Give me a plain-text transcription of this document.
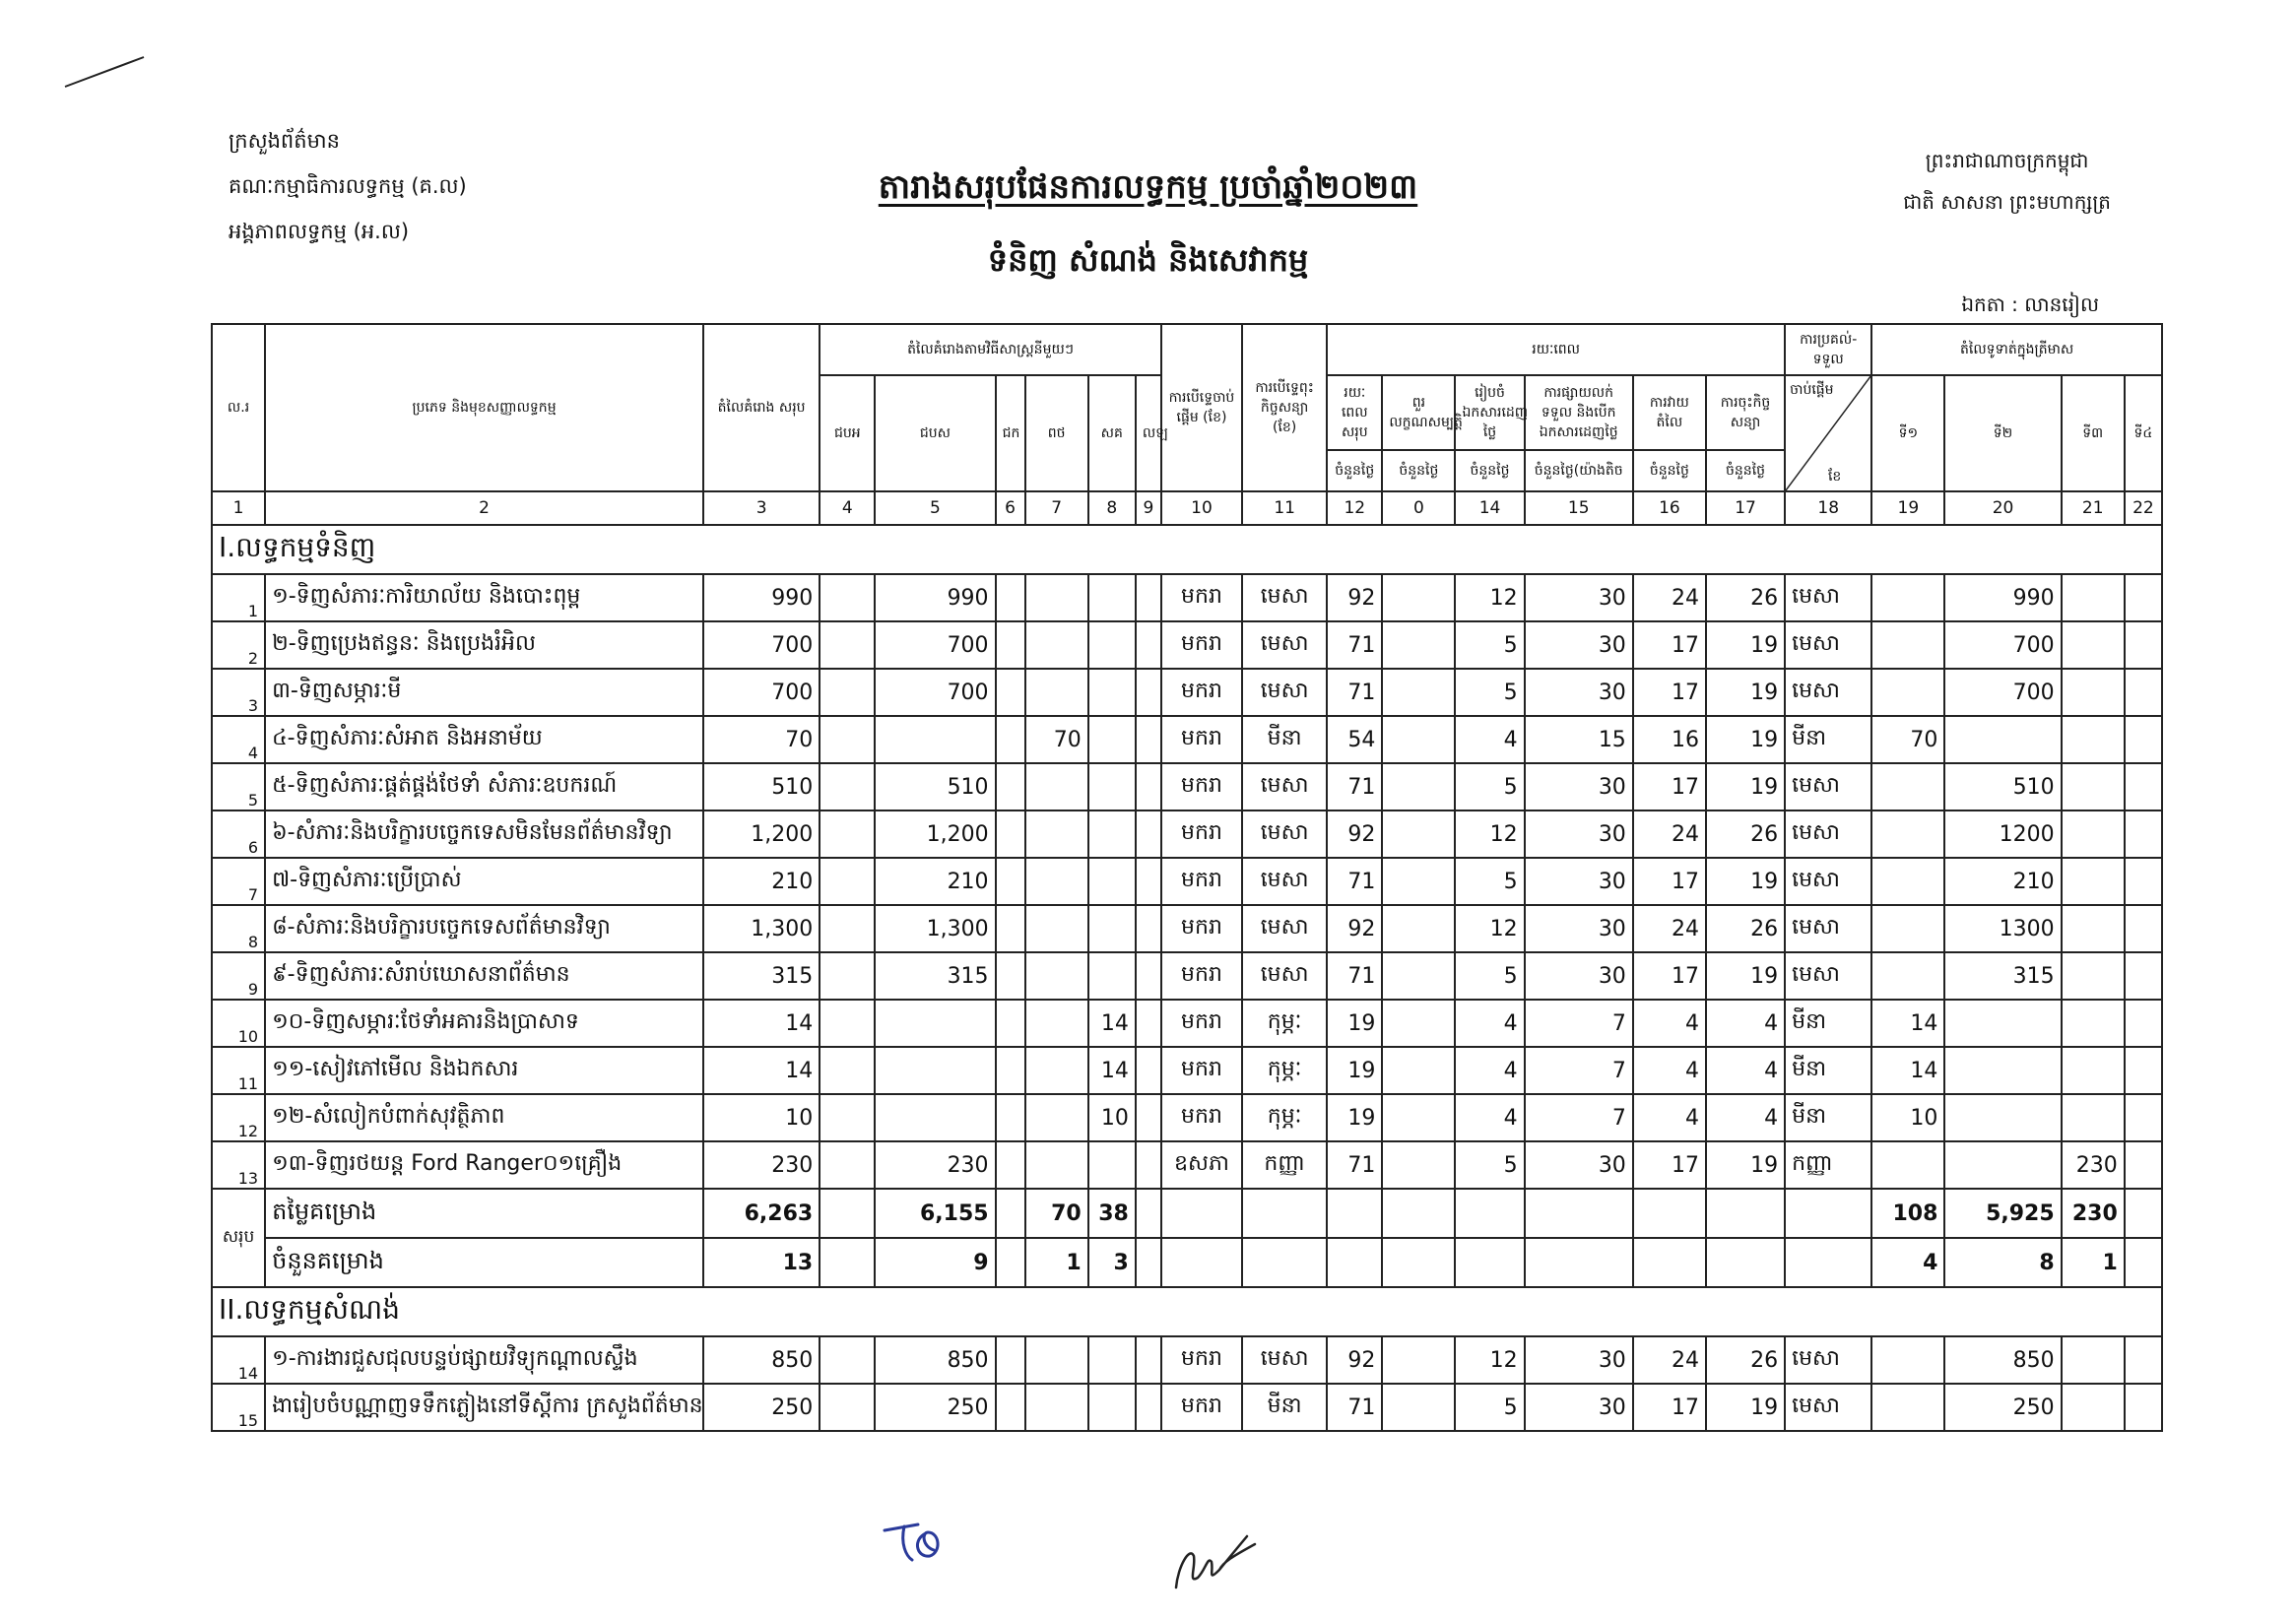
ក្រសួងព័ត៌មាន
គណៈកម្មាធិការលទ្ធកម្ម (គ.ល)
អង្គភាពលទ្ធកម្ម (អ.ល)
ព្រះរាជាណាចក្រកម្ពុជា
ជាតិ សាសនា ព្រះមហាក្សត្រ
តារាងសរុបផែនការលទ្ធកម្ម ប្រចាំឆ្នាំ២០២៣
ទំនិញ សំណង់ និងសេវាកម្ម
ឯកតា : លានរៀល
ល.រ	ប្រភេទ និងមុខសញ្ញាលទ្ធកម្ម	តំលៃគំរោង សរុប	តំលៃគំរោងតាមវិធីសាស្ត្រនីមួយៗ						ការបើទ្ទេចាប់ផ្តើម (ខែ)	ការបើទ្ទេពុះកិច្ចសន្យា (ខែ)	រយៈពេល						ការប្រគល់-ទទួល	តំលៃទូទាត់ក្នុងត្រីមាស			
			ជបអ	ជបស	ជក	ពថ	សគ	លឡ			រយៈពេលសរុប	ពួរលក្ខណសម្បត្តិ	រៀបចំឯកសារដេញថ្លៃ	ការផ្សាយលក់ ទទួល និងបើក ឯកសារដេញថ្លៃ	ការវាយតំលៃ	ការចុះកិច្ចសន្យា	ចាប់ផ្តើម
ខែ	ទី១	ទី២	ទី៣	ទី៤
											ចំនួនថ្ងៃ	ចំនួនថ្ងៃ	ចំនួនថ្ងៃ	ចំនួនថ្ងៃ(យ៉ាងតិច	ចំនួនថ្ងៃ	ចំនួនថ្ងៃ					
1	2	3	4	5	6	7	8	9	10	11	12	0	14	15	16	17	18	19	20	21	22
I.លទ្ធកម្មទំនិញ																					
1	១-ទិញសំភារៈការិយាល័យ និងបោះពុម្ព	990		990					មករា	មេសា	92		12	30	24	26	មេសា		990		
2	២-ទិញប្រេងឥន្ធនៈ និងប្រេងរំអិល	700		700					មករា	មេសា	71		5	30	17	19	មេសា		700		
3	៣-ទិញសម្ភារៈមី	700		700					មករា	មេសា	71		5	30	17	19	មេសា		700		
4	៤-ទិញសំភារៈសំអាត និងអនាម័យ	70				70			មករា	មីនា	54		4	15	16	19	មីនា	70			
5	៥-ទិញសំភារៈផ្គត់ផ្គង់ថែទាំ សំភារៈឧបករណ៍	510		510					មករា	មេសា	71		5	30	17	19	មេសា		510		
6	៦-សំភារៈនិងបរិក្ខារបច្ចេកទេសមិនមែនព័ត៌មានវិទ្យា	1,200		1,200					មករា	មេសា	92		12	30	24	26	មេសា		1200		
7	៧-ទិញសំភារៈប្រើប្រាស់	210		210					មករា	មេសា	71		5	30	17	19	មេសា		210		
8	៨-សំភារៈនិងបរិក្ខារបច្ចេកទេសព័ត៌មានវិទ្យា	1,300		1,300					មករា	មេសា	92		12	30	24	26	មេសា		1300		
9	៩-ទិញសំភារៈសំរាប់ឃោសនាព័ត៌មាន	315		315					មករា	មេសា	71		5	30	17	19	មេសា		315		
10	១០-ទិញសម្ភារៈថែទាំអគារនិងប្រាសាទ	14					14		មករា	កុម្ភៈ	19		4	7	4	4	មីនា	14			
11	១១-សៀវភៅមើល និងឯកសារ	14					14		មករា	កុម្ភៈ	19		4	7	4	4	មីនា	14			
12	១២-សំលៀកបំពាក់សុវត្ថិភាព	10					10		មករា	កុម្ភៈ	19		4	7	4	4	មីនា	10			
13	១៣-ទិញរថយន្ត Ford Ranger០១គ្រឿង	230		230					ឧសភា	កញ្ញា	71		5	30	17	19	កញ្ញា			230	
សរុប	តម្លៃគម្រោង	6,263		6,155		70	38											108	5,925	230	
	ចំនួនគម្រោង	13		9		1	3											4	8	1	
II.លទ្ធកម្មសំណង់																					
14	១-ការងារជួសជុលបន្ទប់ផ្សាយវិទ្យុកណ្ដាលស្ទឹង	850		850					មករា	មេសា	92		12	30	24	26	មេសា		850		
15	ងារៀបចំបណ្ណាញទទឹកភ្លៀងនៅទីស្តីការ ក្រសួងព័ត៌មាន	250		250					មករា	មីនា	71		5	30	17	19	មេសា		250		
